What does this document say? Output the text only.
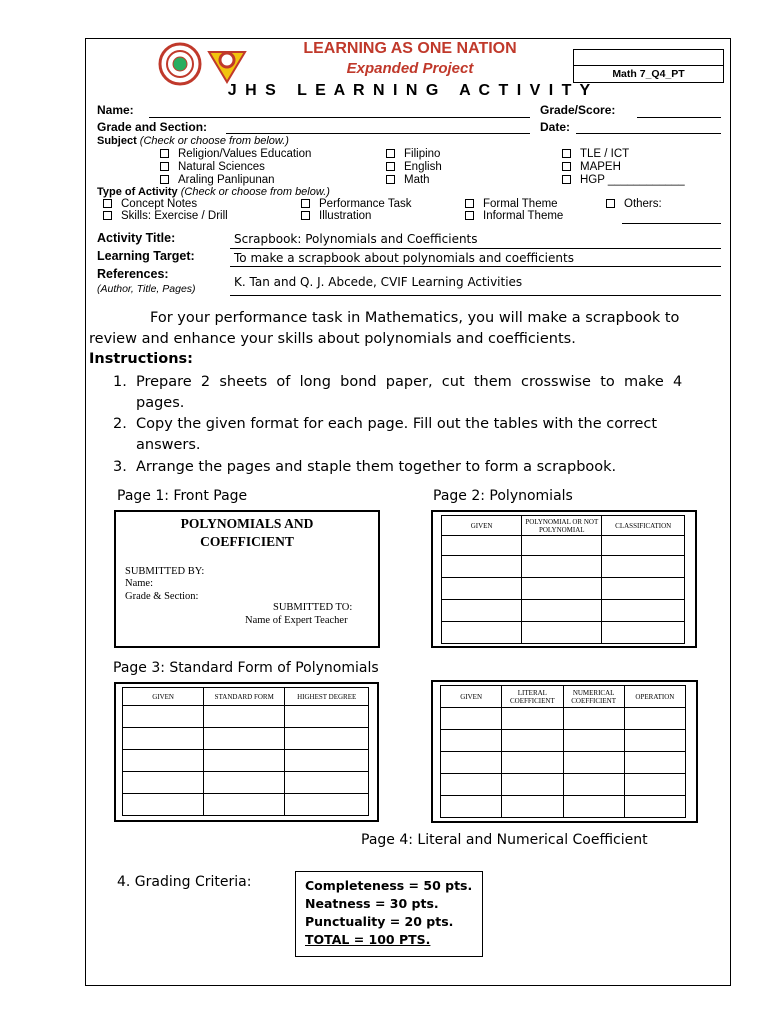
LEARNING AS ONE NATION
Expanded Project	Math 7_Q4_PT
J H S   L E A R N I N G   A C T I V I T Y
Name:	Grade/Score:
Grade and Section:	Date:
Subject (Check or choose from below.)
Religion/Values Education
Natural Sciences
Araling Panlipunan
Filipino
English
Math
TLE / ICT
MAPEH
HGP ____________
Type of Activity (Check or choose from below.)
Concept Notes
Skills: Exercise / Drill
Performance Task
Illustration
Formal Theme
Informal Theme
Others:
Activity Title:	Scrapbook: Polynomials and Coefficients
Learning Target:	To make a scrapbook about polynomials and coefficients
References:
(Author, Title, Pages)	K. Tan and Q. J. Abcede, CVIF Learning Activities
For your performance task in Mathematics, you will make a scrapbook to
review and enhance your skills about polynomials and coefficients.
Instructions:
1. Prepare  2  sheets  of  long  bond  paper,  cut  them  crosswise  to  make  4
pages.
2. Copy the given format for each page. Fill out the tables with the correct
answers.
3. Arrange the pages and staple them together to form a scrapbook.
Page 1: Front Page	Page 2: Polynomials
POLYNOMIALS AND
COEFFICIENT
SUBMITTED BY:
Name:
Grade & Section:
SUBMITTED TO:
Name of Expert Teacher
GIVEN	POLYNOMIAL OR NOT POLYNOMIAL	CLASSIFICATION

Page 3: Standard Form of Polynomials
GIVEN	STANDARD FORM	HIGHEST DEGREE

			GIVEN	LITERAL COEFFICIENT	NUMERICAL COEFFICIENT	OPERATION

Page 4: Literal and Numerical Coefficient
4. Grading Criteria:	Completeness = 50 pts.
Neatness = 30 pts.
Punctuality = 20 pts.
TOTAL = 100 PTS.
